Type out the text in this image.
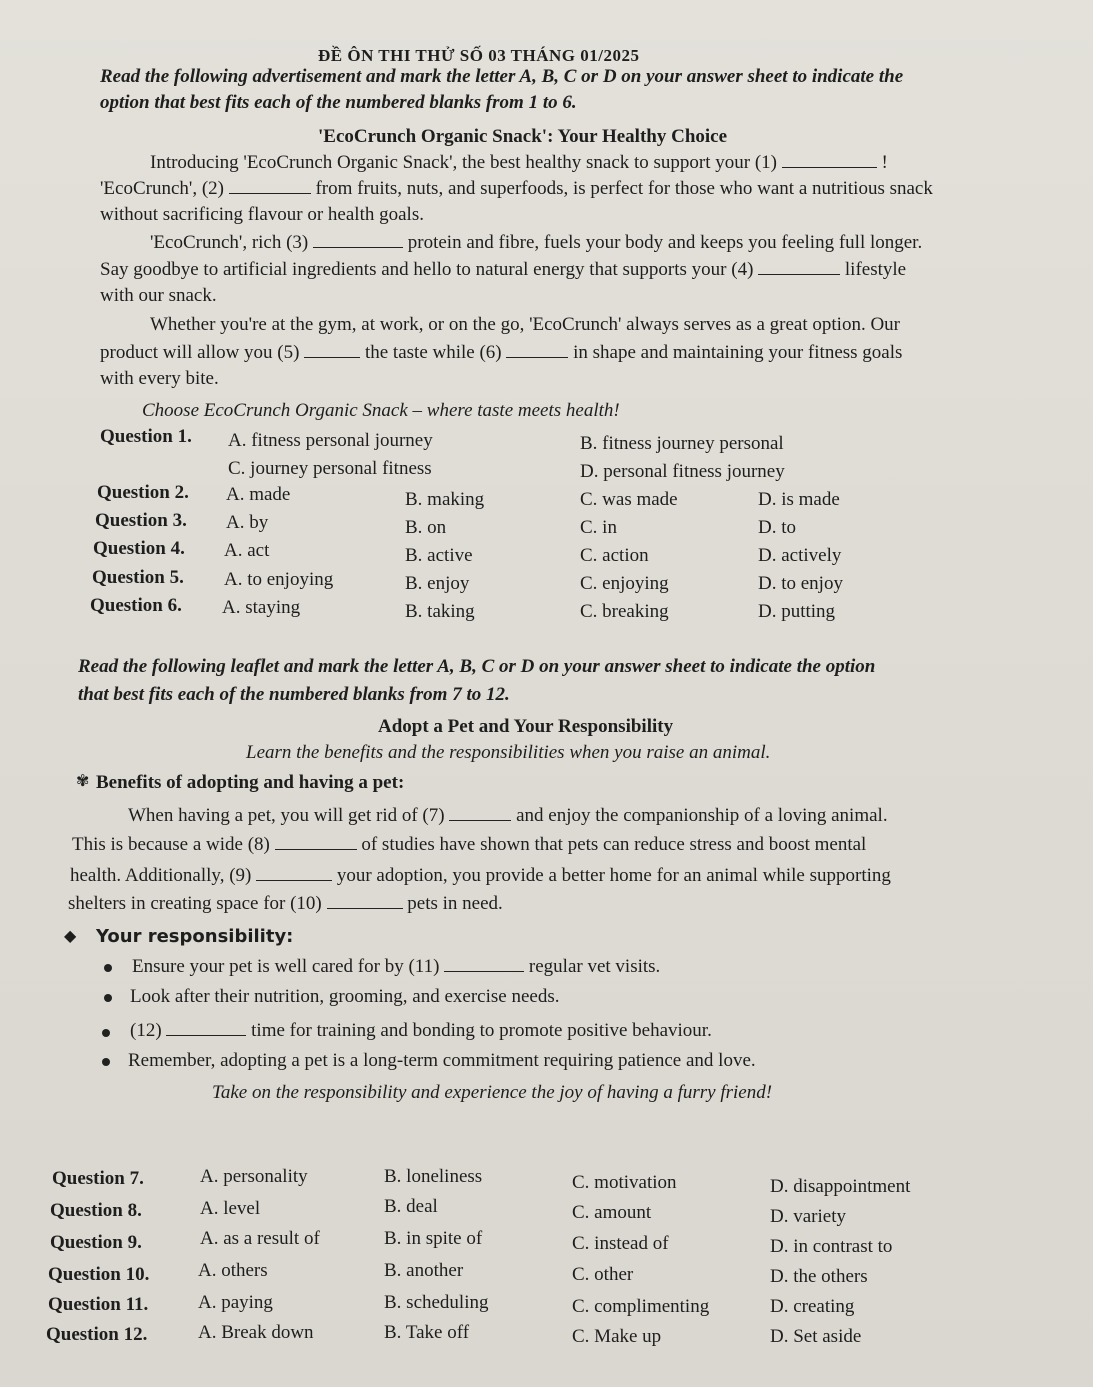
ĐỀ ÔN THI THỬ SỐ 03 THÁNG 01/2025
Read the following advertisement and mark the letter A, B, C or D on your answer sheet to indicate the
option that best fits each of the numbered blanks from 1 to 6.
'EcoCrunch Organic Snack': Your Healthy Choice
Introducing 'EcoCrunch Organic Snack', the best healthy snack to support your (1)	!
'EcoCrunch', (2)	from fruits, nuts, and superfoods, is perfect for those who want a nutritious snack
without sacrificing flavour or health goals.
'EcoCrunch', rich (3)	protein and fibre, fuels your body and keeps you feeling full longer.
Say goodbye to artificial ingredients and hello to natural energy that supports your (4)	lifestyle
with our snack.
Whether you're at the gym, at work, or on the go, 'EcoCrunch' always serves as a great option. Our
product will allow you (5)	the taste while (6)	in shape and maintaining your fitness goals
with every bite.
Choose EcoCrunch Organic Snack – where taste meets health!
Question 1. A. fitness personal journey	B. fitness journey personal
C. journey personal fitness	D. personal fitness journey
Question 2. A. made	B. making	C. was made	D. is made
Question 3. A. by	B. on	C. in	D. to
Question 4. A. act	B. active	C. action	D. actively
Question 5. A. to enjoying	B. enjoy	C. enjoying	D. to enjoy
Question 6. A. staying	B. taking	C. breaking	D. putting
Read the following leaflet and mark the letter A, B, C or D on your answer sheet to indicate the option
that best fits each of the numbered blanks from 7 to 12.
Adopt a Pet and Your Responsibility
Learn the benefits and the responsibilities when you raise an animal.
✾ Benefits of adopting and having a pet:
When having a pet, you will get rid of (7)	and enjoy the companionship of a loving animal.
This is because a wide (8)	of studies have shown that pets can reduce stress and boost mental
health. Additionally, (9)	your adoption, you provide a better home for an animal while supporting
shelters in creating space for (10)	pets in need.
◆ Your responsibility:
Ensure your pet is well cared for by (11)	regular vet visits.
Look after their nutrition, grooming, and exercise needs.
(12)	time for training and bonding to promote positive behaviour.
Remember, adopting a pet is a long-term commitment requiring patience and love.
Take on the responsibility and experience the joy of having a furry friend!
Question 7.	A. personality	B. loneliness	C. motivation	D. disappointment
Question 8.	A. level	B. deal	C. amount	D. variety
Question 9.	A. as a result of	B. in spite of	C. instead of	D. in contrast to
Question 10.	A. others	B. another	C. other	D. the others
Question 11.	A. paying	B. scheduling	C. complimenting	D. creating
Question 12.	A. Break down	B. Take off	C. Make up	D. Set aside
